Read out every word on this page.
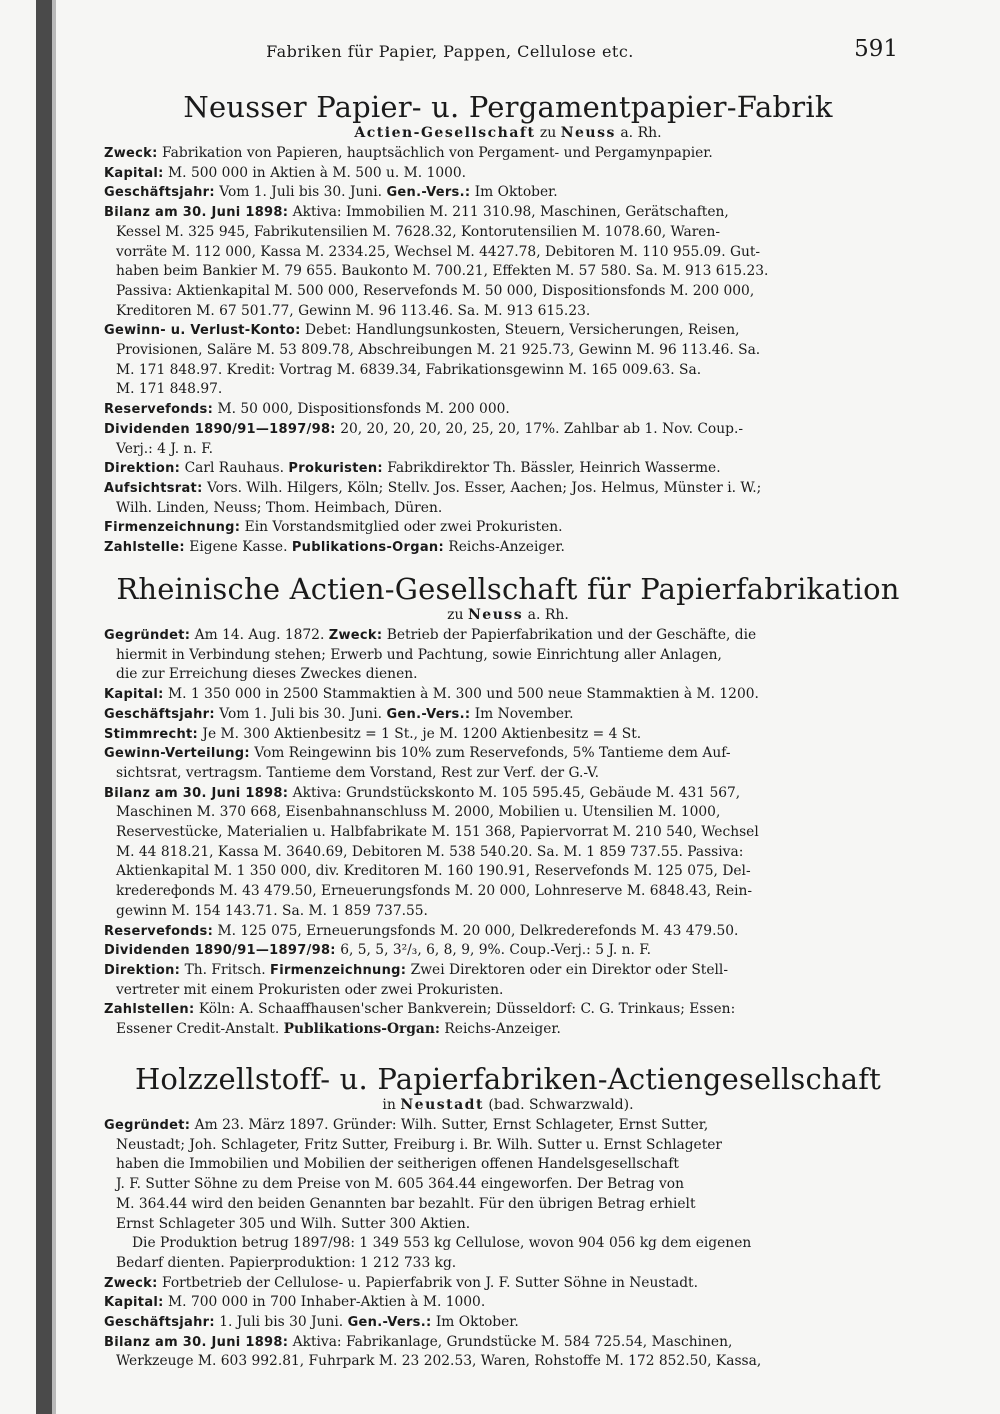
Fabriken für Papier, Pappen, Cellulose etc.	591
Neusser Papier- u. Pergamentpapier-Fabrik
Actien-Gesellschaft zu Neuss a. Rh.
Zweck: Fabrikation von Papieren, hauptsächlich von Pergament- und Pergamynpapier.
Kapital: M. 500 000 in Aktien à M. 500 u. M. 1000.
Geschäftsjahr: Vom 1. Juli bis 30. Juni. Gen.-Vers.: Im Oktober.
Bilanz am 30. Juni 1898: Aktiva: Immobilien M. 211 310.98, Maschinen, Gerätschaften,
Kessel M. 325 945, Fabrikutensilien M. 7628.32, Kontorutensilien M. 1078.60, Waren-
vorräte M. 112 000, Kassa M. 2334.25, Wechsel M. 4427.78, Debitoren M. 110 955.09. Gut-
haben beim Bankier M. 79 655. Baukonto M. 700.21, Effekten M. 57 580. Sa. M. 913 615.23.
Passiva: Aktienkapital M. 500 000, Reservefonds M. 50 000, Dispositionsfonds M. 200 000,
Kreditoren M. 67 501.77, Gewinn M. 96 113.46. Sa. M. 913 615.23.
Gewinn- u. Verlust-Konto: Debet: Handlungsunkosten, Steuern, Versicherungen, Reisen,
Provisionen, Saläre M. 53 809.78, Abschreibungen M. 21 925.73, Gewinn M. 96 113.46. Sa.
M. 171 848.97. Kredit: Vortrag M. 6839.34, Fabrikationsgewinn M. 165 009.63. Sa.
M. 171 848.97.
Reservefonds: M. 50 000, Dispositionsfonds M. 200 000.
Dividenden 1890/91—1897/98: 20, 20, 20, 20, 20, 25, 20, 17%. Zahlbar ab 1. Nov. Coup.-
Verj.: 4 J. n. F.
Direktion: Carl Rauhaus. Prokuristen: Fabrikdirektor Th. Bässler, Heinrich Wasserme.
Aufsichtsrat: Vors. Wilh. Hilgers, Köln; Stellv. Jos. Esser, Aachen; Jos. Helmus, Münster i. W.;
Wilh. Linden, Neuss; Thom. Heimbach, Düren.
Firmenzeichnung: Ein Vorstandsmitglied oder zwei Prokuristen.
Zahlstelle: Eigene Kasse. Publikations-Organ: Reichs-Anzeiger.
Rheinische Actien-Gesellschaft für Papierfabrikation
zu Neuss a. Rh.
Gegründet: Am 14. Aug. 1872. Zweck: Betrieb der Papierfabrikation und der Geschäfte, die
hiermit in Verbindung stehen; Erwerb und Pachtung, sowie Einrichtung aller Anlagen,
die zur Erreichung dieses Zweckes dienen.
Kapital: M. 1 350 000 in 2500 Stammaktien à M. 300 und 500 neue Stammaktien à M. 1200.
Geschäftsjahr: Vom 1. Juli bis 30. Juni. Gen.-Vers.: Im November.
Stimmrecht: Je M. 300 Aktienbesitz = 1 St., je M. 1200 Aktienbesitz = 4 St.
Gewinn-Verteilung: Vom Reingewinn bis 10% zum Reservefonds, 5% Tantieme dem Auf-
sichtsrat, vertragsm. Tantieme dem Vorstand, Rest zur Verf. der G.-V.
Bilanz am 30. Juni 1898: Aktiva: Grundstückskonto M. 105 595.45, Gebäude M. 431 567,
Maschinen M. 370 668, Eisenbahnanschluss M. 2000, Mobilien u. Utensilien M. 1000,
Reservestücke, Materialien u. Halbfabrikate M. 151 368, Papiervorrat M. 210 540, Wechsel
M. 44 818.21, Kassa M. 3640.69, Debitoren M. 538 540.20. Sa. M. 1 859 737.55. Passiva:
Aktienkapital M. 1 350 000, div. Kreditoren M. 160 190.91, Reservefonds M. 125 075, Del-
kredereфonds M. 43 479.50, Erneuerungsfonds M. 20 000, Lohnreserve M. 6848.43, Rein-
gewinn M. 154 143.71. Sa. M. 1 859 737.55.
Reservefonds: M. 125 075, Erneuerungsfonds M. 20 000, Delkrederefonds M. 43 479.50.
Dividenden 1890/91—1897/98: 6, 5, 5, 3²/₃, 6, 8, 9, 9%. Coup.-Verj.: 5 J. n. F.
Direktion: Th. Fritsch. Firmenzeichnung: Zwei Direktoren oder ein Direktor oder Stell-
vertreter mit einem Prokuristen oder zwei Prokuristen.
Zahlstellen: Köln: A. Schaaffhausen'scher Bankverein; Düsseldorf: C. G. Trinkaus; Essen:
Essener Credit-Anstalt. Publikations-Organ: Reichs-Anzeiger.
Holzzellstoff- u. Papierfabriken-Actiengesellschaft
in Neustadt (bad. Schwarzwald).
Gegründet: Am 23. März 1897. Gründer: Wilh. Sutter, Ernst Schlageter, Ernst Sutter,
Neustadt; Joh. Schlageter, Fritz Sutter, Freiburg i. Br. Wilh. Sutter u. Ernst Schlageter
haben die Immobilien und Mobilien der seitherigen offenen Handelsgesellschaft
J. F. Sutter Söhne zu dem Preise von M. 605 364.44 eingeworfen. Der Betrag von
M. 364.44 wird den beiden Genannten bar bezahlt. Für den übrigen Betrag erhielt
Ernst Schlageter 305 und Wilh. Sutter 300 Aktien.
Die Produktion betrug 1897/98: 1 349 553 kg Cellulose, wovon 904 056 kg dem eigenen
Bedarf dienten. Papierproduktion: 1 212 733 kg.
Zweck: Fortbetrieb der Cellulose- u. Papierfabrik von J. F. Sutter Söhne in Neustadt.
Kapital: M. 700 000 in 700 Inhaber-Aktien à M. 1000.
Geschäftsjahr: 1. Juli bis 30 Juni. Gen.-Vers.: Im Oktober.
Bilanz am 30. Juni 1898: Aktiva: Fabrikanlage, Grundstücke M. 584 725.54, Maschinen,
Werkzeuge M. 603 992.81, Fuhrpark M. 23 202.53, Waren, Rohstoffe M. 172 852.50, Kassa,
